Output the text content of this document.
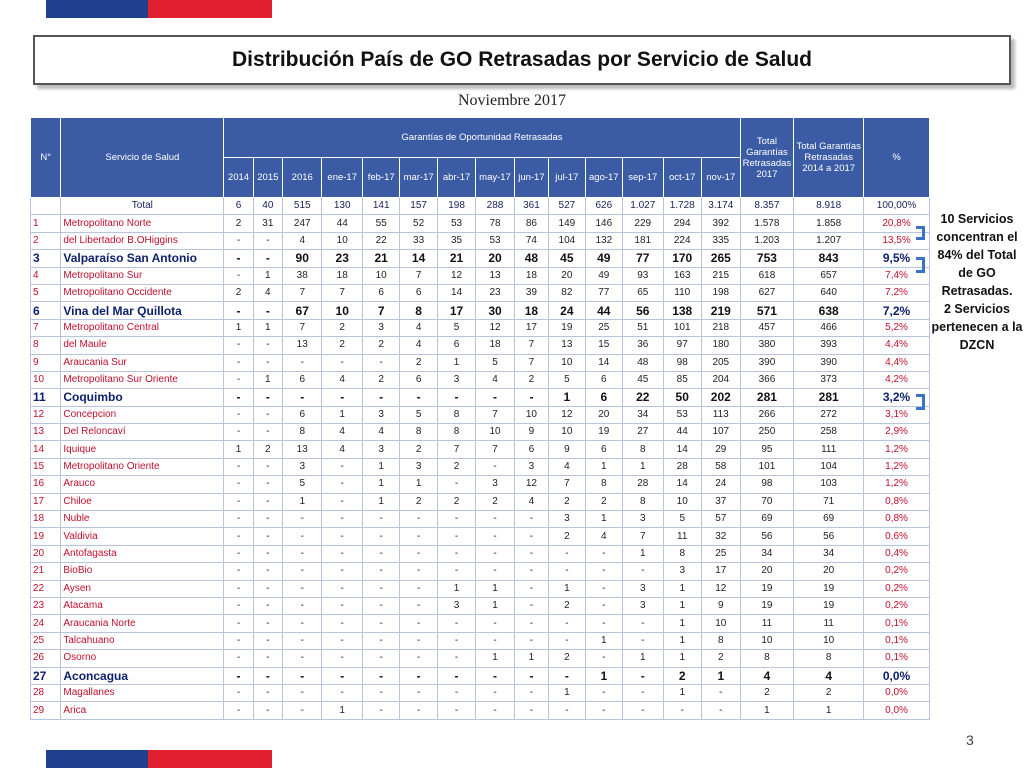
Distribución País de GO Retrasadas por Servicio de Salud
Noviembre 2017
N°	Servicio de Salud	Garantías de Oportunidad Retrasadas														Total Garantías Retrasadas 2017	Total Garantías Retrasadas 2014 a 2017	%
		2014	2015	2016	ene-17	feb-17	mar-17	abr-17	may-17	jun-17	jul-17	ago-17	sep-17	oct-17	nov-17			
	Total	6	40	515	130	141	157	198	288	361	527	626	1.027	1.728	3.174	8.357	8.918	100,00%
1	Metropolitano Norte	2	31	247	44	55	52	53	78	86	149	146	229	294	392	1.578	1.858	20,8%
2	del Libertador B.OHiggins	-	-	4	10	22	33	35	53	74	104	132	181	224	335	1.203	1.207	13,5%
3	Valparaíso San Antonio	-	-	90	23	21	14	21	20	48	45	49	77	170	265	753	843	9,5%
4	Metropolitano Sur	-	1	38	18	10	7	12	13	18	20	49	93	163	215	618	657	7,4%
5	Metropolitano Occidente	2	4	7	7	6	6	14	23	39	82	77	65	110	198	627	640	7,2%
6	Vina del Mar Quillota	-	-	67	10	7	8	17	30	18	24	44	56	138	219	571	638	7,2%
7	Metropolitano Central	1	1	7	2	3	4	5	12	17	19	25	51	101	218	457	466	5,2%
8	del Maule	-	-	13	2	2	4	6	18	7	13	15	36	97	180	380	393	4,4%
9	Araucania Sur	-	-	-	-	-	2	1	5	7	10	14	48	98	205	390	390	4,4%
10	Metropolitano Sur Oriente	-	1	6	4	2	6	3	4	2	5	6	45	85	204	366	373	4,2%
11	Coquimbo	-	-	-	-	-	-	-	-	-	1	6	22	50	202	281	281	3,2%
12	Concepcion	-	-	6	1	3	5	8	7	10	12	20	34	53	113	266	272	3,1%
13	Del Reloncaví	-	-	8	4	4	8	8	10	9	10	19	27	44	107	250	258	2,9%
14	Iquique	1	2	13	4	3	2	7	7	6	9	6	8	14	29	95	111	1,2%
15	Metropolitano Oriente	-	-	3	-	1	3	2	-	3	4	1	1	28	58	101	104	1,2%
16	Arauco	-	-	5	-	1	1	-	3	12	7	8	28	14	24	98	103	1,2%
17	Chiloe	-	-	1	-	1	2	2	2	4	2	2	8	10	37	70	71	0,8%
18	Nuble	-	-	-	-	-	-	-	-	-	3	1	3	5	57	69	69	0,8%
19	Valdivia	-	-	-	-	-	-	-	-	-	2	4	7	11	32	56	56	0,6%
20	Antofagasta	-	-	-	-	-	-	-	-	-	-	-	1	8	25	34	34	0,4%
21	BioBio	-	-	-	-	-	-	-	-	-	-	-	-	3	17	20	20	0,2%
22	Aysen	-	-	-	-	-	-	1	1	-	1	-	3	1	12	19	19	0,2%
23	Atacama	-	-	-	-	-	-	3	1	-	2	-	3	1	9	19	19	0,2%
24	Araucania Norte	-	-	-	-	-	-	-	-	-	-	-	-	1	10	11	11	0,1%
25	Talcahuano	-	-	-	-	-	-	-	-	-	-	1	-	1	8	10	10	0,1%
26	Osorno	-	-	-	-	-	-	-	1	1	2	-	1	1	2	8	8	0,1%
27	Aconcagua	-	-	-	-	-	-	-	-	-	-	1	-	2	1	4	4	0,0%
28	Magallanes	-	-	-	-	-	-	-	-	-	1	-	-	1	-	2	2	0,0%
29	Arica	-	-	-	1	-	-	-	-	-	-	-	-	-	-	1	1	0,0%
10 Servicios concentran el 84% del Total de GO Retrasadas.
2 Servicios pertenecen a la DZCN
3
